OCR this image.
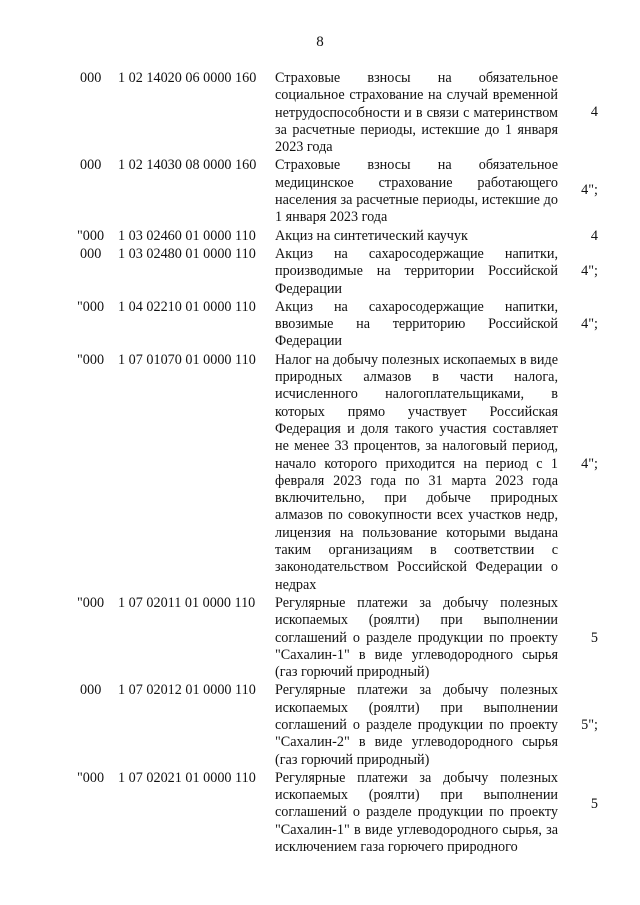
8
000 1 02 14020 06 0000 160 Страховые взносы на обязательное социальное страхование на случай временной нетрудоспособности и в связи с материнством за расчетные периоды, истекшие до 1 января 2023 года
4
000 1 02 14030 08 0000 160 Страховые взносы на обязательное медицинское страхование работающего населения за расчетные периоды, истекшие до 1 января 2023 года
4";
"000 1 03 02460 01 0000 110 Акциз на синтетический каучук	4
000 1 03 02480 01 0000 110 Акциз на сахаросодержащие напитки, производимые на территории Российской Федерации
4";
"000 1 04 02210 01 0000 110 Акциз на сахаросодержащие напитки, ввозимые на территорию Российской Федерации
4";
"000 1 07 01070 01 0000 110 Налог на добычу полезных ископаемых в виде природных алмазов в части налога, исчисленного налогоплательщиками, в которых прямо участвует Российская Федерация и доля такого участия составляет не менее 33 процентов, за налоговый период, начало которого приходится на период с 1 февраля 2023 года по 31 марта 2023 года включительно, при добыче природных алмазов по совокупности всех участков недр, лицензия на пользование которыми выдана таким организациям в соответствии с законодательством Российской Федерации о недрах
4";
"000 1 07 02011 01 0000 110 Регулярные платежи за добычу полезных ископаемых (роялти) при выполнении соглашений о разделе продукции по проекту "Сахалин-1" в виде углеводородного сырья (газ горючий природный)
5
000 1 07 02012 01 0000 110 Регулярные платежи за добычу полезных ископаемых (роялти) при выполнении соглашений о разделе продукции по проекту "Сахалин-2" в виде углеводородного сырья (газ горючий природный)
5";
"000 1 07 02021 01 0000 110 Регулярные платежи за добычу полезных ископаемых (роялти) при выполнении соглашений о разделе продукции по проекту "Сахалин-1" в виде углеводородного сырья, за исключением газа горючего природного
5
